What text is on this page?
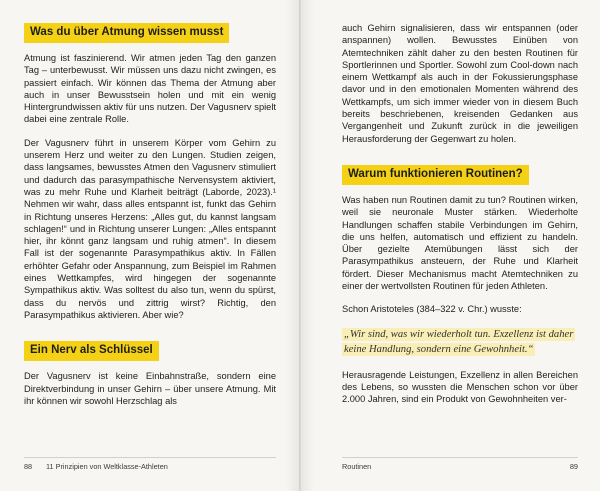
Was du über Atmung wissen musst

Atmung ist faszinierend. Wir atmen jeden Tag den ganzen Tag – unterbewusst. Wir müssen uns dazu nicht zwingen, es passiert einfach. Wir können das Thema der Atmung aber auch in unser Bewusstsein holen und mit ein wenig Hintergrundwissen aktiv für uns nutzen. Der Vagusnerv spielt dabei eine zentrale Rolle.

Der Vagusnerv führt in unserem Körper vom Gehirn zu unserem Herz und weiter zu den Lungen. Studien zeigen, dass langsames, bewusstes Atmen den Vagusnerv stimuliert und dadurch das parasympathische Nervensystem aktiviert, was zu mehr Ruhe und Klarheit beiträgt (Laborde, 2023).¹ Nehmen wir wahr, dass alles entspannt ist, funkt das Gehirn in Richtung unseres Herzens: „Alles gut, du kannst langsam schlagen!“ und in Richtung unserer Lungen: „Alles entspannt hier, ihr könnt ganz langsam und ruhig atmen“. In diesem Fall ist der sogenannte Parasympathikus aktiv. In Fällen erhöhter Gefahr oder Anspannung, zum Beispiel im Rahmen eines Wettkampfes, wird hingegen der sogenannte Sympathikus aktiv. Was solltest du also tun, wenn du spürst, dass du nervös und zittrig wirst? Richtig, den Parasympathikus aktivieren. Aber wie?

Ein Nerv als Schlüssel

Der Vagusnerv ist keine Einbahnstraße, sondern eine Direktverbindung in unser Gehirn – über unsere Atmung. Mit ihr können wir sowohl Herzschlag als

88 11 Prinzipien von Weltklasse-Athleten

auch Gehirn signalisieren, dass wir entspannen (oder anspannen) wollen. Bewusstes Einüben von Atemtechniken zählt daher zu den besten Routinen für Sportlerinnen und Sportler. Sowohl zum Cool-down nach einem Wettkampf als auch in der Fokussierungsphase davor und in den emotionalen Momenten während des Wettkampfs, um sich immer wieder von in diesem Buch bereits beschriebenen, kreisenden Gedanken aus Vergangenheit und Zukunft zurück in die jeweiligen Herausforderung der Gegenwart zu holen.

Warum funktionieren Routinen?

Was haben nun Routinen damit zu tun? Routinen wirken, weil sie neuronale Muster stärken. Wiederholte Handlungen schaffen stabile Verbindungen im Gehirn, die uns helfen, automatisch und effizient zu handeln. Über gezielte Atemübungen lässt sich der Parasympathikus ansteuern, der Ruhe und Klarheit fördert. Dieser Mechanismus macht Atemtechniken zu einer der wertvollsten Routinen für jeden Athleten.

Schon Aristoteles (384–322 v. Chr.) wusste:

„Wir sind, was wir wiederholt tun. Exzellenz ist daher keine Handlung, sondern eine Gewohnheit.“

Herausragende Leistungen, Exzellenz in allen Bereichen des Lebens, so wussten die Menschen schon vor über 2.000 Jahren, sind ein Produkt von Gewohnheiten ver-

Routinen	89
